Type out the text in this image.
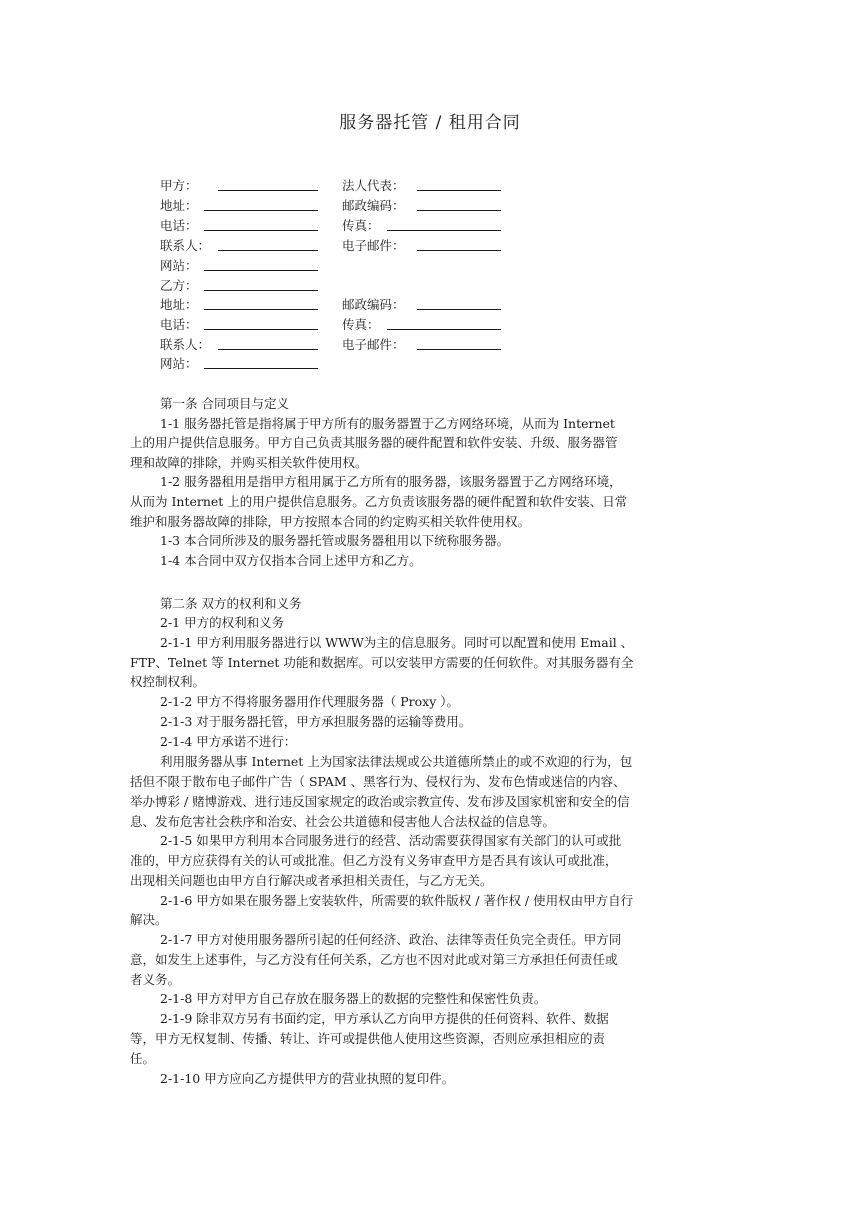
服务器托管 / 租用合同
甲方：	法人代表：
地址：	邮政编码：
电话：	传真：
联系人：	电子邮件：
网站：
乙方：
地址：	邮政编码：
电话：	传真：
联系人：	电子邮件：
网站：
第一条 合同项目与定义
1-1 服务器托管是指将属于甲方所有的服务器置于乙方网络环境，从而为 Internet
上的用户提供信息服务。甲方自己负责其服务器的硬件配置和软件安装、升级、服务器管
理和故障的排除，并购买相关软件使用权。
1-2 服务器租用是指甲方租用属于乙方所有的服务器，该服务器置于乙方网络环境，
从而为 Internet 上的用户提供信息服务。乙方负责该服务器的硬件配置和软件安装、日常
维护和服务器故障的排除，甲方按照本合同的约定购买相关软件使用权。
1-3 本合同所涉及的服务器托管或服务器租用以下统称服务器。
1-4 本合同中双方仅指本合同上述甲方和乙方。
第二条 双方的权利和义务
2-1 甲方的权利和义务
2-1-1 甲方利用服务器进行以 WWW为主的信息服务。同时可以配置和使用 Email 、
FTP、Telnet 等 Internet 功能和数据库。可以安装甲方需要的任何软件。对其服务器有全
权控制权利。
2-1-2 甲方不得将服务器用作代理服务器（ Proxy ）。
2-1-3 对于服务器托管，甲方承担服务器的运输等费用。
2-1-4 甲方承诺不进行：
利用服务器从事 Internet 上为国家法律法规或公共道德所禁止的或不欢迎的行为，包
括但不限于散布电子邮件广告（ SPAM 、黑客行为、侵权行为、发布色情或迷信的内容、
举办博彩 / 赌博游戏、进行违反国家规定的政治或宗教宣传、发布涉及国家机密和安全的信
息、发布危害社会秩序和治安、社会公共道德和侵害他人合法权益的信息等。
2-1-5 如果甲方利用本合同服务进行的经营、活动需要获得国家有关部门的认可或批
准的，甲方应获得有关的认可或批准。但乙方没有义务审查甲方是否具有该认可或批准，
出现相关问题也由甲方自行解决或者承担相关责任，与乙方无关。
2-1-6 甲方如果在服务器上安装软件，所需要的软件版权 / 著作权 / 使用权由甲方自行
解决。
2-1-7 甲方对使用服务器所引起的任何经济、政治、法律等责任负完全责任。甲方同
意，如发生上述事件，与乙方没有任何关系，乙方也不因对此或对第三方承担任何责任或
者义务。
2-1-8 甲方对甲方自己存放在服务器上的数据的完整性和保密性负责。
2-1-9 除非双方另有书面约定，甲方承认乙方向甲方提供的任何资料、软件、数据
等，甲方无权复制、传播、转让、许可或提供他人使用这些资源，否则应承担相应的责
任。
2-1-10 甲方应向乙方提供甲方的营业执照的复印件。
